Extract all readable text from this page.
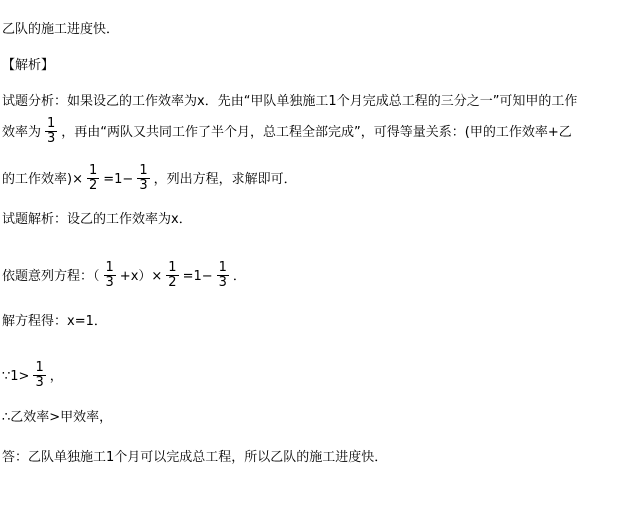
乙队的施工进度快．
【解析】
试题分析：如果设乙的工作效率为x．先由“甲队单独施工1个月完成总工程的三分之一”可知甲的工作
效率为 $\frac{1}{3}$ ，再由“两队又共同工作了半个月，总工程全部完成”，可得等量关系：(甲的工作效率+乙
的工作效率)× $\frac{1}{2} =1- \frac{1}{3}$ ，列出方程，求解即可．
试题解析：设乙的工作效率为x．
依题意列方程：（ $\frac{1}{3} +x)\times \frac{1}{2} =1- \frac{1}{3}$ ．
解方程得：x=1．
∵1> $\frac{1}{3}$ ，
∴乙效率>甲效率，
答：乙队单独施工1个月可以完成总工程，所以乙队的施工进度快．
